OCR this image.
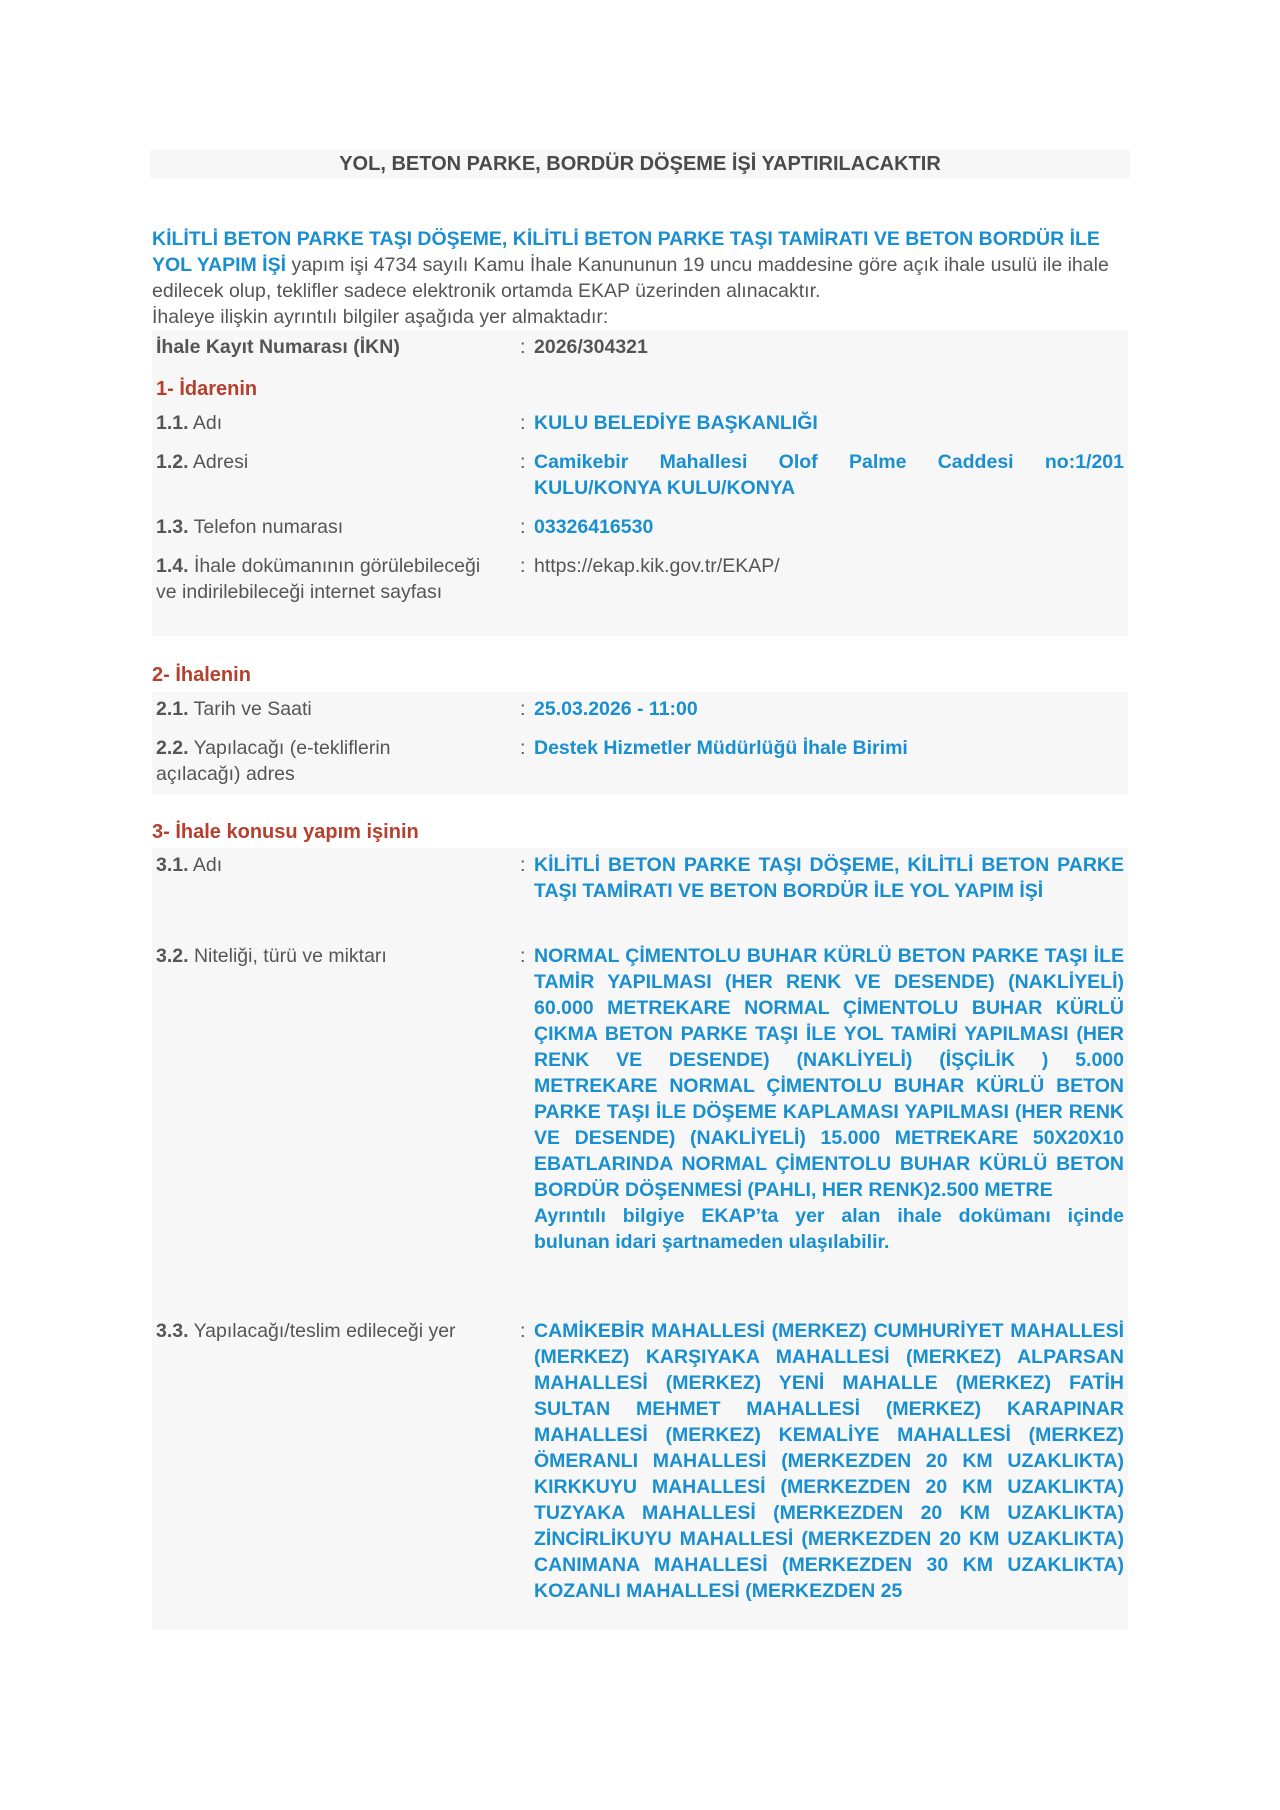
YOL, BETON PARKE, BORDÜR DÖŞEME İŞİ YAPTIRILACAKTIR

KİLİTLİ BETON PARKE TAŞI DÖŞEME, KİLİTLİ BETON PARKE TAŞI TAMİRATI VE BETON BORDÜR İLE YOL YAPIM İŞİ yapım işi 4734 sayılı Kamu İhale Kanununun 19 uncu maddesine göre açık ihale usulü ile ihale edilecek olup, teklifler sadece elektronik ortamda EKAP üzerinden alınacaktır.

İhaleye ilişkin ayrıntılı bilgiler aşağıda yer almaktadır:

İhale Kayıt Numarası (İKN)	: 2026/304321
1- İdarenin
1.1. Adı	: KULU BELEDİYE BAŞKANLIĞI
1.2. Adresi	: Camikebir Mahallesi Olof Palme Caddesi no:1/201 KULU/KONYA KULU/KONYA
1.3. Telefon numarası	: 03326416530
1.4. İhale dokümanının görülebileceği ve indirilebileceği internet sayfası
: https://ekap.kik.gov.tr/EKAP/
2- İhalenin
2.1. Tarih ve Saati	: 25.03.2026 - 11:00
2.2. Yapılacağı (e-tekliflerin açılacağı) adres
: Destek Hizmetler Müdürlüğü İhale Birimi
3- İhale konusu yapım işinin
3.1. Adı	: KİLİTLİ BETON PARKE TAŞI DÖŞEME, KİLİTLİ BETON PARKE TAŞI TAMİRATI VE BETON BORDÜR İLE YOL YAPIM İŞİ
3.2. Niteliği, türü ve miktarı	: NORMAL ÇİMENTOLU BUHAR KÜRLÜ BETON PARKE TAŞI İLE TAMİR YAPILMASI (HER RENK VE DESENDE) (NAKLİYELİ) 60.000 METREKARE NORMAL ÇİMENTOLU BUHAR KÜRLÜ ÇIKMA BETON PARKE TAŞI İLE YOL TAMİRİ YAPILMASI (HER RENK VE DESENDE) (NAKLİYELİ) (İŞÇİLİK ) 5.000 METREKARE NORMAL ÇİMENTOLU BUHAR KÜRLÜ BETON PARKE TAŞI İLE DÖŞEME KAPLAMASI YAPILMASI (HER RENK VE DESENDE) (NAKLİYELİ) 15.000 METREKARE 50X20X10 EBATLARINDA NORMAL ÇİMENTOLU BUHAR KÜRLÜ BETON BORDÜR DÖŞENMESİ (PAHLI, HER RENK)2.500 METRE
Ayrıntılı bilgiye EKAP’ta yer alan ihale dokümanı içinde bulunan idari şartnameden ulaşılabilir.
3.3. Yapılacağı/teslim edileceği yer	: CAMİKEBİR MAHALLESİ (MERKEZ) CUMHURİYET MAHALLESİ (MERKEZ) KARŞIYAKA MAHALLESİ (MERKEZ) ALPARSAN MAHALLESİ (MERKEZ) YENİ MAHALLE (MERKEZ) FATİH SULTAN MEHMET MAHALLESİ (MERKEZ) KARAPINAR MAHALLESİ (MERKEZ) KEMALİYE MAHALLESİ (MERKEZ) ÖMERANLI MAHALLESİ (MERKEZDEN 20 KM UZAKLIKTA) KIRKKUYU MAHALLESİ (MERKEZDEN 20 KM UZAKLIKTA) TUZYAKA MAHALLESİ (MERKEZDEN 20 KM UZAKLIKTA) ZİNCİRLİKUYU MAHALLESİ (MERKEZDEN 20 KM UZAKLIKTA) CANIMANA MAHALLESİ (MERKEZDEN 30 KM UZAKLIKTA) KOZANLI MAHALLESİ (MERKEZDEN 25
